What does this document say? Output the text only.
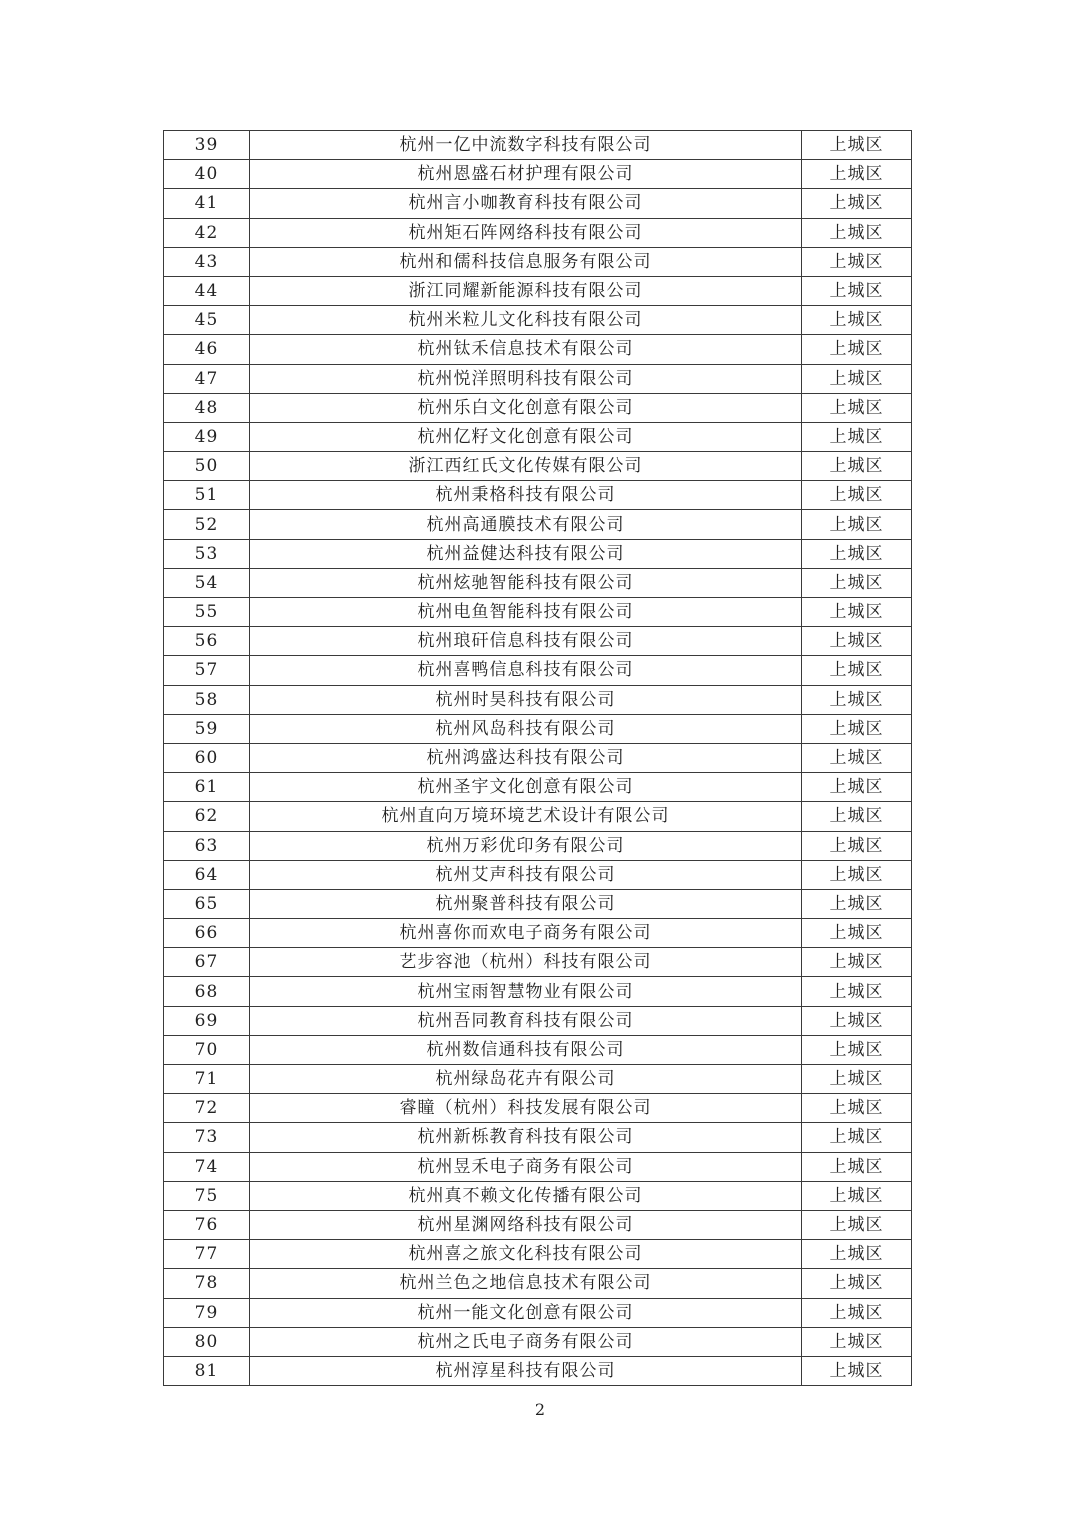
39	杭州一亿中流数字科技有限公司	上城区
40	杭州恩盛石材护理有限公司	上城区
41	杭州言小咖教育科技有限公司	上城区
42	杭州矩石阵网络科技有限公司	上城区
43	杭州和儒科技信息服务有限公司	上城区
44	浙江同耀新能源科技有限公司	上城区
45	杭州米粒儿文化科技有限公司	上城区
46	杭州钛禾信息技术有限公司	上城区
47	杭州悦洋照明科技有限公司	上城区
48	杭州乐白文化创意有限公司	上城区
49	杭州亿籽文化创意有限公司	上城区
50	浙江西红氏文化传媒有限公司	上城区
51	杭州秉格科技有限公司	上城区
52	杭州高通膜技术有限公司	上城区
53	杭州益健达科技有限公司	上城区
54	杭州炫驰智能科技有限公司	上城区
55	杭州电鱼智能科技有限公司	上城区
56	杭州琅矸信息科技有限公司	上城区
57	杭州喜鸭信息科技有限公司	上城区
58	杭州时昊科技有限公司	上城区
59	杭州风岛科技有限公司	上城区
60	杭州鸿盛达科技有限公司	上城区
61	杭州圣宇文化创意有限公司	上城区
62	杭州直向万境环境艺术设计有限公司	上城区
63	杭州万彩优印务有限公司	上城区
64	杭州艾声科技有限公司	上城区
65	杭州聚普科技有限公司	上城区
66	杭州喜你而欢电子商务有限公司	上城区
67	艺步容池（杭州）科技有限公司	上城区
68	杭州宝雨智慧物业有限公司	上城区
69	杭州吾同教育科技有限公司	上城区
70	杭州数信通科技有限公司	上城区
71	杭州绿岛花卉有限公司	上城区
72	睿瞳（杭州）科技发展有限公司	上城区
73	杭州新栎教育科技有限公司	上城区
74	杭州昱禾电子商务有限公司	上城区
75	杭州真不赖文化传播有限公司	上城区
76	杭州星渊网络科技有限公司	上城区
77	杭州喜之旅文化科技有限公司	上城区
78	杭州兰色之地信息技术有限公司	上城区
79	杭州一能文化创意有限公司	上城区
80	杭州之氏电子商务有限公司	上城区
81	杭州淳星科技有限公司	上城区
2
